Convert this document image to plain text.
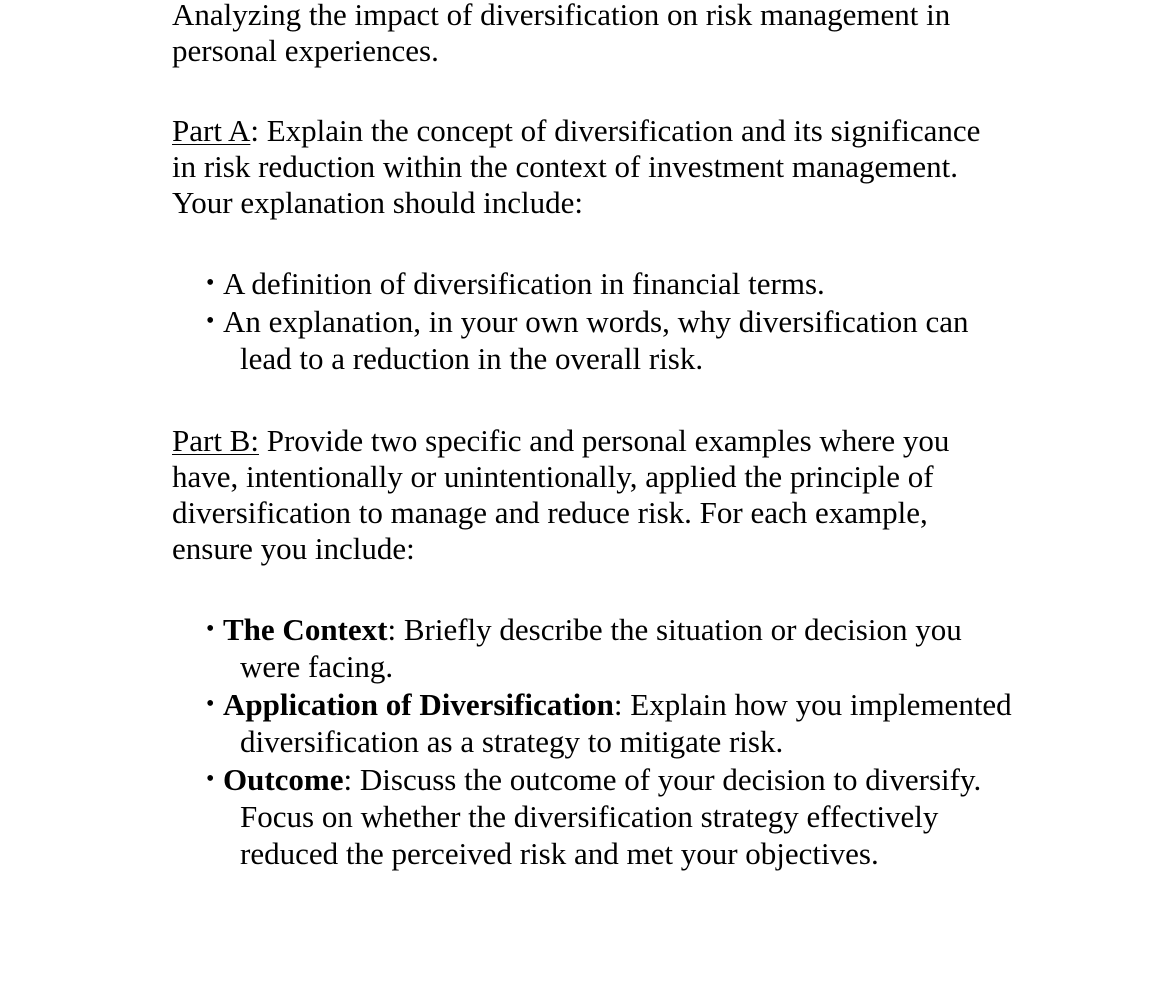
Analyzing the impact of diversification on risk management in personal experiences.

Part A: Explain the concept of diversification and its significance in risk reduction within the context of investment management. Your explanation should include:

• A definition of diversification in financial terms.
• An explanation, in your own words, why diversification can lead to a reduction in the overall risk.

Part B: Provide two specific and personal examples where you have, intentionally or unintentionally, applied the principle of diversification to manage and reduce risk. For each example, ensure you include:

• The Context: Briefly describe the situation or decision you were facing.
• Application of Diversification: Explain how you implemented diversification as a strategy to mitigate risk.
• Outcome: Discuss the outcome of your decision to diversify. Focus on whether the diversification strategy effectively reduced the perceived risk and met your objectives.
